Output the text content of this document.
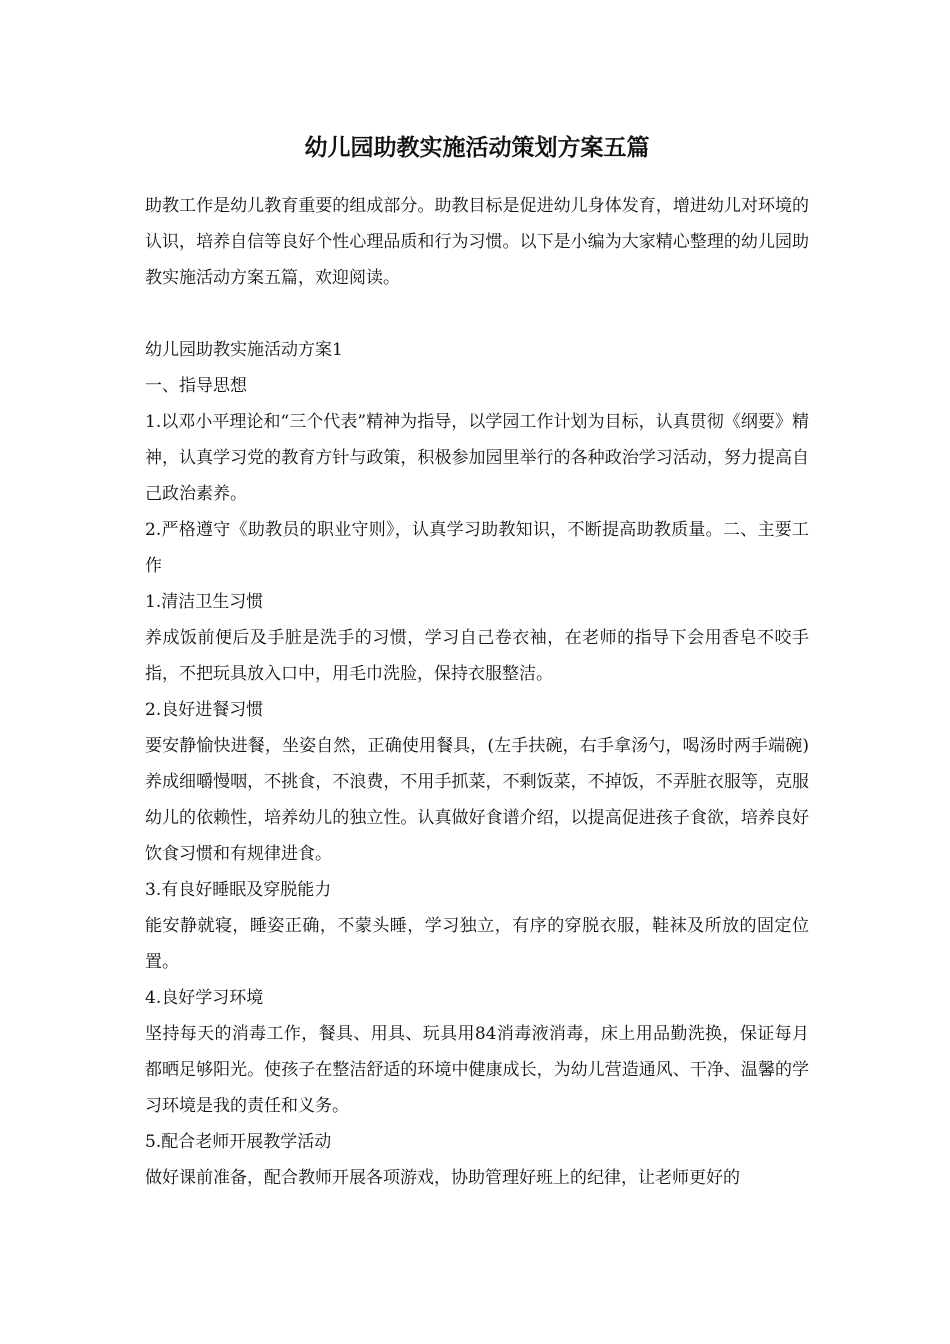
幼儿园助教实施活动策划方案五篇

助教工作是幼儿教育重要的组成部分。助教目标是促进幼儿身体发育，增进幼儿对环境的认识，培养自信等良好个性心理品质和行为习惯。以下是小编为大家精心整理的幼儿园助教实施活动方案五篇，欢迎阅读。

幼儿园助教实施活动方案1

一、指导思想

1.以邓小平理论和“三个代表”精神为指导，以学园工作计划为目标，认真贯彻《纲要》精神，认真学习党的教育方针与政策，积极参加园里举行的各种政治学习活动，努力提高自己政治素养。

2.严格遵守《助教员的职业守则》，认真学习助教知识，不断提高助教质量。二、主要工作

1.清洁卫生习惯

养成饭前便后及手脏是洗手的习惯，学习自己卷衣袖，在老师的指导下会用香皂不咬手指，不把玩具放入口中，用毛巾洗脸，保持衣服整洁。

2.良好进餐习惯

要安静愉快进餐，坐姿自然，正确使用餐具，(左手扶碗，右手拿汤勺，喝汤时两手端碗)养成细嚼慢咽，不挑食，不浪费，不用手抓菜，不剩饭菜，不掉饭，不弄脏衣服等，克服幼儿的依赖性，培养幼儿的独立性。认真做好食谱介绍，以提高促进孩子食欲，培养良好饮食习惯和有规律进食。

3.有良好睡眠及穿脱能力

能安静就寝，睡姿正确，不蒙头睡，学习独立，有序的穿脱衣服，鞋袜及所放的固定位置。

4.良好学习环境

坚持每天的消毒工作，餐具、用具、玩具用84消毒液消毒，床上用品勤洗换，保证每月都晒足够阳光。使孩子在整洁舒适的环境中健康成长，为幼儿营造通风、干净、温馨的学习环境是我的责任和义务。

5.配合老师开展教学活动

做好课前准备，配合教师开展各项游戏，协助管理好班上的纪律，让老师更好的
